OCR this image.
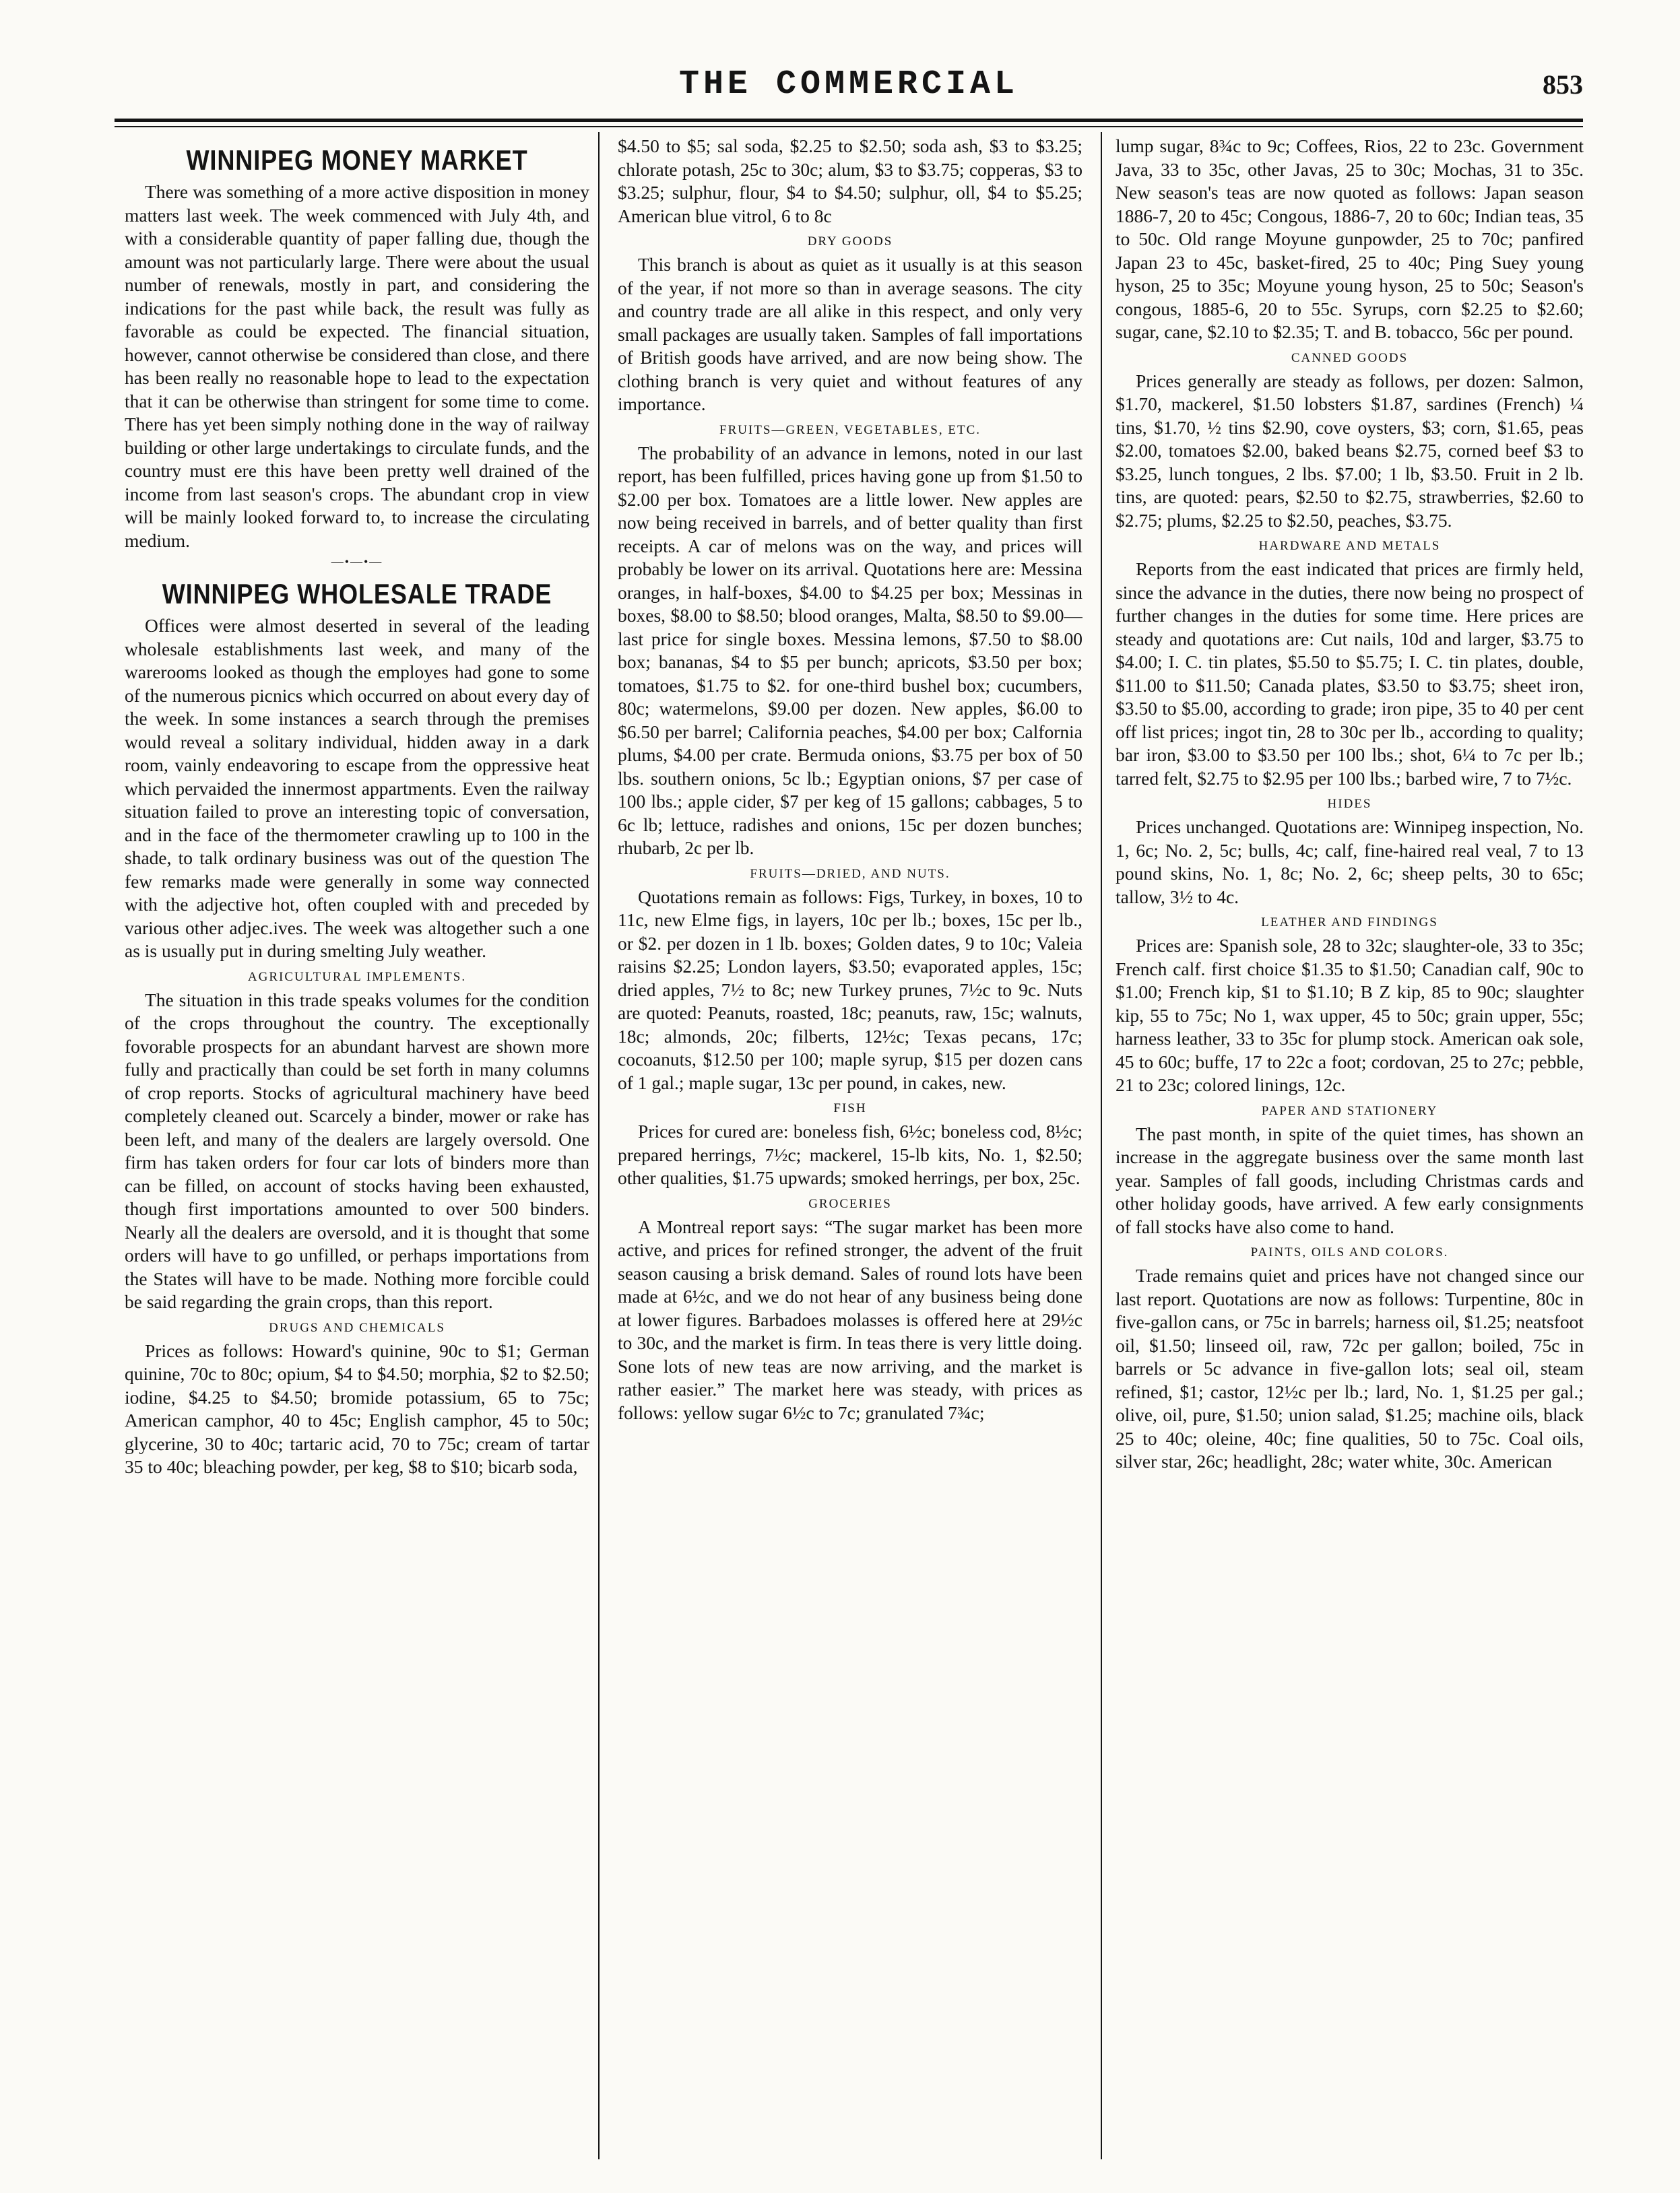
THE COMMERCIAL	853
WINNIPEG MONEY MARKET

There was something of a more active disposition in money matters last week. The week commenced with July 4th, and with a considerable quantity of paper falling due, though the amount was not particularly large. There were about the usual number of renewals, mostly in part, and considering the indications for the past while back, the result was fully as favorable as could be expected. The financial situation, however, cannot otherwise be considered than close, and there has been really no reasonable hope to lead to the expectation that it can be otherwise than stringent for some time to come. There has yet been simply nothing done in the way of railway building or other large undertakings to circulate funds, and the country must ere this have been pretty well drained of the income from last season's crops. The abundant crop in view will be mainly looked forward to, to increase the circulating medium.

—•—•—
WINNIPEG WHOLESALE TRADE

Offices were almost deserted in several of the leading wholesale establishments last week, and many of the warerooms looked as though the employes had gone to some of the numerous picnics which occurred on about every day of the week. In some instances a search through the premises would reveal a solitary individual, hidden away in a dark room, vainly endeavoring to escape from the oppressive heat which pervaided the innermost appartments. Even the railway situation failed to prove an interesting topic of conversation, and in the face of the thermometer crawling up to 100 in the shade, to talk ordinary business was out of the question The few remarks made were generally in some way connected with the adjective hot, often coupled with and preceded by various other adjec.ives. The week was altogether such a one as is usually put in during smelting July weather.

AGRICULTURAL IMPLEMENTS.

The situation in this trade speaks volumes for the condition of the crops throughout the country. The exceptionally fovorable prospects for an abundant harvest are shown more fully and practically than could be set forth in many columns of crop reports. Stocks of agricultural machinery have beed completely cleaned out. Scarcely a binder, mower or rake has been left, and many of the dealers are largely oversold. One firm has taken orders for four car lots of binders more than can be filled, on account of stocks having been exhausted, though first importations amounted to over 500 binders. Nearly all the dealers are oversold, and it is thought that some orders will have to go unfilled, or perhaps importations from the States will have to be made. Nothing more forcible could be said regarding the grain crops, than this report.

DRUGS AND CHEMICALS

Prices as follows: Howard's quinine, 90c to $1; German quinine, 70c to 80c; opium, $4 to $4.50; morphia, $2 to $2.50; iodine, $4.25 to $4.50; bromide potassium, 65 to 75c; American camphor, 40 to 45c; English camphor, 45 to 50c; glycerine, 30 to 40c; tartaric acid, 70 to 75c; cream of tartar 35 to 40c; bleaching powder, per keg, $8 to $10; bicarb soda,

$4.50 to $5; sal soda, $2.25 to $2.50; soda ash, $3 to $3.25; chlorate potash, 25c to 30c; alum, $3 to $3.75; copperas, $3 to $3.25; sulphur, flour, $4 to $4.50; sulphur, oll, $4 to $5.25; American blue vitrol, 6 to 8c

DRY GOODS

This branch is about as quiet as it usually is at this season of the year, if not more so than in average seasons. The city and country trade are all alike in this respect, and only very small packages are usually taken. Samples of fall importations of British goods have arrived, and are now being show. The clothing branch is very quiet and without features of any importance.

FRUITS—GREEN, VEGETABLES, ETC.

The probability of an advance in lemons, noted in our last report, has been fulfilled, prices having gone up from $1.50 to $2.00 per box. Tomatoes are a little lower. New apples are now being received in barrels, and of better quality than first receipts. A car of melons was on the way, and prices will probably be lower on its arrival. Quotations here are: Messina oranges, in half-boxes, $4.00 to $4.25 per box; Messinas in boxes, $8.00 to $8.50; blood oranges, Malta, $8.50 to $9.00—last price for single boxes. Messina lemons, $7.50 to $8.00 box; bananas, $4 to $5 per bunch; apricots, $3.50 per box; tomatoes, $1.75 to $2. for one-third bushel box; cucumbers, 80c; watermelons, $9.00 per dozen. New apples, $6.00 to $6.50 per barrel; California peaches, $4.00 per box; Calfornia plums, $4.00 per crate. Bermuda onions, $3.75 per box of 50 lbs. southern onions, 5c lb.; Egyptian onions, $7 per case of 100 lbs.; apple cider, $7 per keg of 15 gallons; cabbages, 5 to 6c lb; lettuce, radishes and onions, 15c per dozen bunches; rhubarb, 2c per lb.

FRUITS—DRIED, AND NUTS.

Quotations remain as follows: Figs, Turkey, in boxes, 10 to 11c, new Elme figs, in layers, 10c per lb.; boxes, 15c per lb., or $2. per dozen in 1 lb. boxes; Golden dates, 9 to 10c; Valeia raisins $2.25; London layers, $3.50; evaporated apples, 15c; dried apples, 7½ to 8c; new Turkey prunes, 7½c to 9c. Nuts are quoted: Peanuts, roasted, 18c; peanuts, raw, 15c; walnuts, 18c; almonds, 20c; filberts, 12½c; Texas pecans, 17c; cocoanuts, $12.50 per 100; maple syrup, $15 per dozen cans of 1 gal.; maple sugar, 13c per pound, in cakes, new.

FISH

Prices for cured are: boneless fish, 6½c; boneless cod, 8½c; prepared herrings, 7½c; mackerel, 15-lb kits, No. 1, $2.50; other qualities, $1.75 upwards; smoked herrings, per box, 25c.

GROCERIES

A Montreal report says: “The sugar market has been more active, and prices for refined stronger, the advent of the fruit season causing a brisk demand. Sales of round lots have been made at 6½c, and we do not hear of any business being done at lower figures. Barbadoes molasses is offered here at 29½c to 30c, and the market is firm. In teas there is very little doing. Sone lots of new teas are now arriving, and the market is rather easier.” The market here was steady, with prices as follows: yellow sugar 6½c to 7c; granulated 7¾c;

lump sugar, 8¾c to 9c; Coffees, Rios, 22 to 23c. Government Java, 33 to 35c, other Javas, 25 to 30c; Mochas, 31 to 35c. New season's teas are now quoted as follows: Japan season 1886-7, 20 to 45c; Congous, 1886-7, 20 to 60c; Indian teas, 35 to 50c. Old range Moyune gunpowder, 25 to 70c; panfired Japan 23 to 45c, basket-fired, 25 to 40c; Ping Suey young hyson, 25 to 35c; Moyune young hyson, 25 to 50c; Season's congous, 1885-6, 20 to 55c. Syrups, corn $2.25 to $2.60; sugar, cane, $2.10 to $2.35; T. and B. tobacco, 56c per pound.

CANNED GOODS

Prices generally are steady as follows, per dozen: Salmon, $1.70, mackerel, $1.50 lobsters $1.87, sardines (French) ¼ tins, $1.70, ½ tins $2.90, cove oysters, $3; corn, $1.65, peas $2.00, tomatoes $2.00, baked beans $2.75, corned beef $3 to $3.25, lunch tongues, 2 lbs. $7.00; 1 lb, $3.50. Fruit in 2 lb. tins, are quoted: pears, $2.50 to $2.75, strawberries, $2.60 to $2.75; plums, $2.25 to $2.50, peaches, $3.75.

HARDWARE AND METALS

Reports from the east indicated that prices are firmly held, since the advance in the duties, there now being no prospect of further changes in the duties for some time. Here prices are steady and quotations are: Cut nails, 10d and larger, $3.75 to $4.00; I. C. tin plates, $5.50 to $5.75; I. C. tin plates, double, $11.00 to $11.50; Canada plates, $3.50 to $3.75; sheet iron, $3.50 to $5.00, according to grade; iron pipe, 35 to 40 per cent off list prices; ingot tin, 28 to 30c per lb., according to quality; bar iron, $3.00 to $3.50 per 100 lbs.; shot, 6¼ to 7c per lb.; tarred felt, $2.75 to $2.95 per 100 lbs.; barbed wire, 7 to 7½c.

HIDES

Prices unchanged. Quotations are: Winnipeg inspection, No. 1, 6c; No. 2, 5c; bulls, 4c; calf, fine-haired real veal, 7 to 13 pound skins, No. 1, 8c; No. 2, 6c; sheep pelts, 30 to 65c; tallow, 3½ to 4c.

LEATHER AND FINDINGS

Prices are: Spanish sole, 28 to 32c; slaughter-ole, 33 to 35c; French calf. first choice $1.35 to $1.50; Canadian calf, 90c to $1.00; French kip, $1 to $1.10; B Z kip, 85 to 90c; slaughter kip, 55 to 75c; No 1, wax upper, 45 to 50c; grain upper, 55c; harness leather, 33 to 35c for plump stock. American oak sole, 45 to 60c; buffe, 17 to 22c a foot; cordovan, 25 to 27c; pebble, 21 to 23c; colored linings, 12c.

PAPER AND STATIONERY

The past month, in spite of the quiet times, has shown an increase in the aggregate business over the same month last year. Samples of fall goods, including Christmas cards and other holiday goods, have arrived. A few early consignments of fall stocks have also come to hand.

PAINTS, OILS AND COLORS.

Trade remains quiet and prices have not changed since our last report. Quotations are now as follows: Turpentine, 80c in five-gallon cans, or 75c in barrels; harness oil, $1.25; neatsfoot oil, $1.50; linseed oil, raw, 72c per gallon; boiled, 75c in barrels or 5c advance in five-gallon lots; seal oil, steam refined, $1; castor, 12½c per lb.; lard, No. 1, $1.25 per gal.; olive, oil, pure, $1.50; union salad, $1.25; machine oils, black 25 to 40c; oleine, 40c; fine qualities, 50 to 75c. Coal oils, silver star, 26c; headlight, 28c; water white, 30c. American
